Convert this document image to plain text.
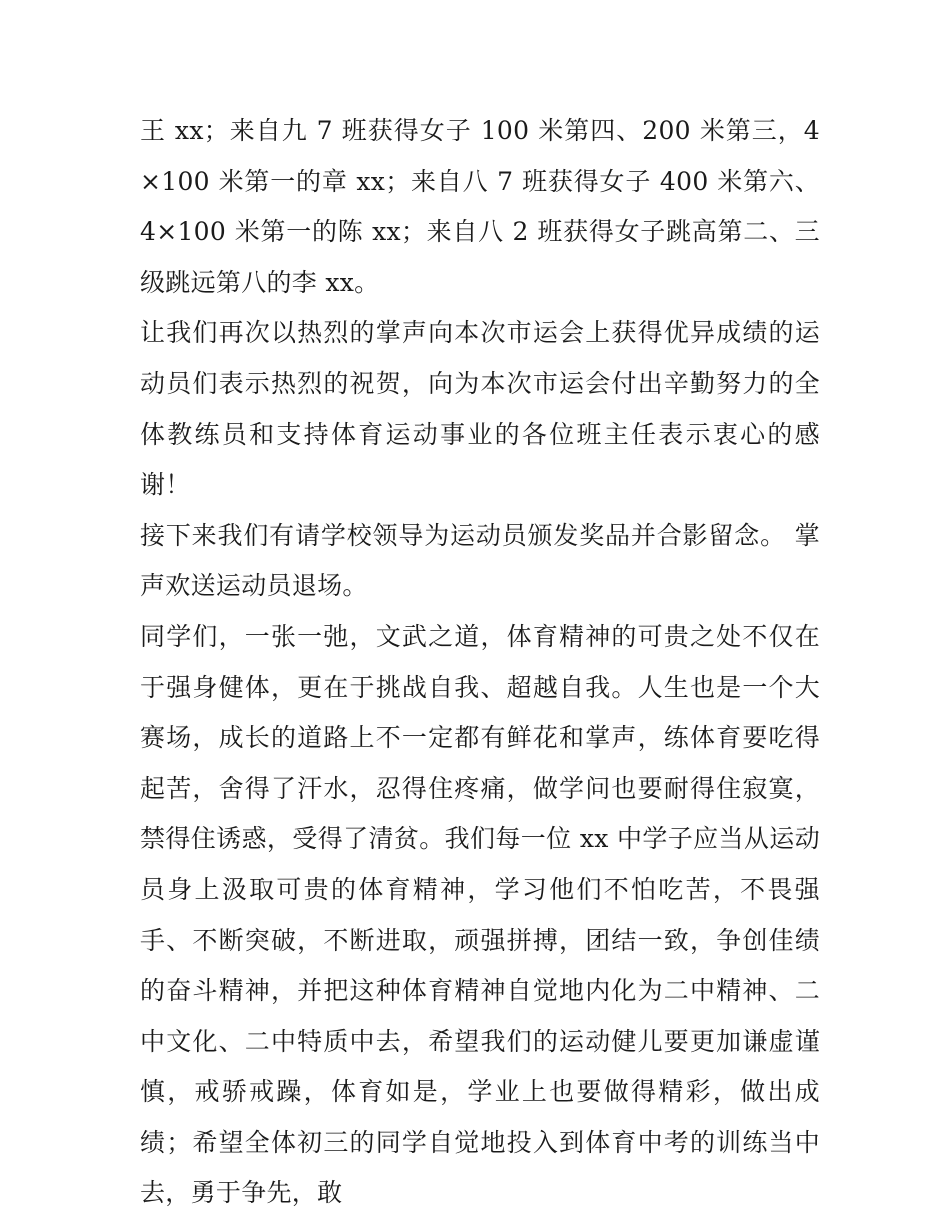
王 xx；来自九 7 班获得女子 100 米第四、200 米第三，4×100 米第一的章 xx；来自八 7 班获得女子 400 米第六、4×100 米第一的陈 xx；来自八 2 班获得女子跳高第二、三级跳远第八的李 xx。

让我们再次以热烈的掌声向本次市运会上获得优异成绩的运动员们表示热烈的祝贺，向为本次市运会付出辛勤努力的全体教练员和支持体育运动事业的各位班主任表示衷心的感谢！

接下来我们有请学校领导为运动员颁发奖品并合影留念。 掌声欢送运动员退场。

同学们，一张一弛，文武之道，体育精神的可贵之处不仅在于强身健体，更在于挑战自我、超越自我。人生也是一个大赛场，成长的道路上不一定都有鲜花和掌声，练体育要吃得起苦，舍得了汗水，忍得住疼痛，做学问也要耐得住寂寞，禁得住诱惑，受得了清贫。我们每一位 xx 中学子应当从运动员身上汲取可贵的体育精神，学习他们不怕吃苦，不畏强手、不断突破，不断进取，顽强拼搏，团结一致，争创佳绩的奋斗精神，并把这种体育精神自觉地内化为二中精神、二中文化、二中特质中去，希望我们的运动健儿要更加谦虚谨慎，戒骄戒躁，体育如是，学业上也要做得精彩，做出成绩；希望全体初三的同学自觉地投入到体育中考的训练当中去，勇于争先，敢
